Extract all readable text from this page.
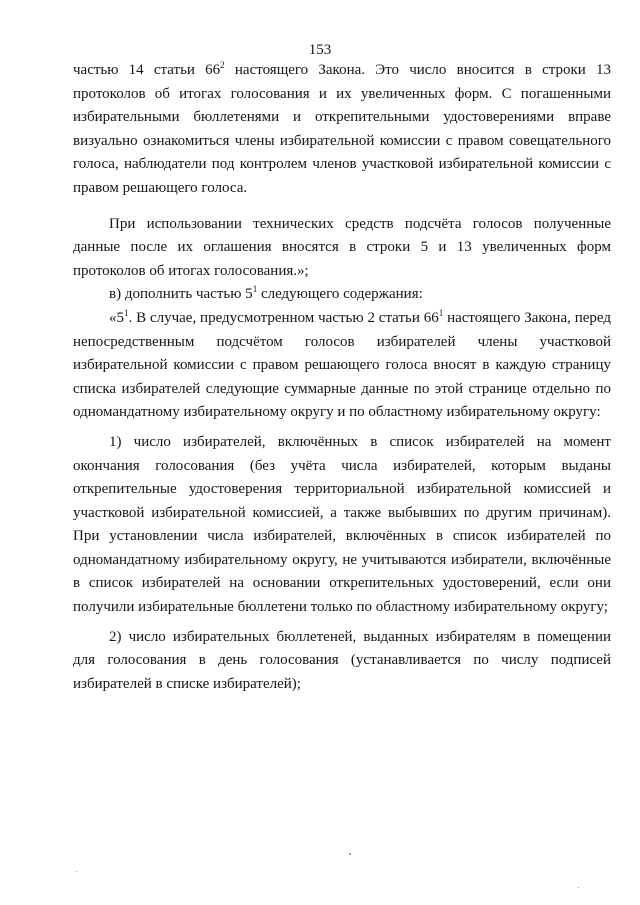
153

частью 14 статьи $66^2$ настоящего Закона. Это число вносится в строки 13 протоколов об итогах голосования и их увеличенных форм. С погашенными избирательными бюллетенями и открепительными удостоверениями вправе визуально ознакомиться члены избирательной комиссии с правом совещательного голоса, наблюдатели под контролем членов участковой избирательной комиссии с правом решающего голоса.

При использовании технических средств подсчёта голосов полученные данные после их оглашения вносятся в строки 5 и 13 увеличенных форм протоколов об итогах голосования.»;

в) дополнить частью $5^1$ следующего содержания:

«$5^1$. В случае, предусмотренном частью 2 статьи $66^1$ настоящего Закона, перед непосредственным подсчётом голосов избирателей члены участковой избирательной комиссии с правом решающего голоса вносят в каждую страницу списка избирателей следующие суммарные данные по этой странице отдельно по одномандатному избирательному округу и по областному избирательному округу:

1) число избирателей, включённых в список избирателей на момент окончания голосования (без учёта числа избирателей, которым выданы открепительные удостоверения территориальной избирательной комиссией и участковой избирательной комиссией, а также выбывших по другим причинам). При установлении числа избирателей, включённых в список избирателей по одномандатному избирательному округу, не учитываются избиратели, включённые в список избирателей на основании открепительных удостоверений, если они получили избирательные бюллетени только по областному избирательному округу;

2) число избирательных бюллетеней, выданных избирателям в помещении для голосования в день голосования (устанавливается по числу подписей избирателей в списке избирателей);
